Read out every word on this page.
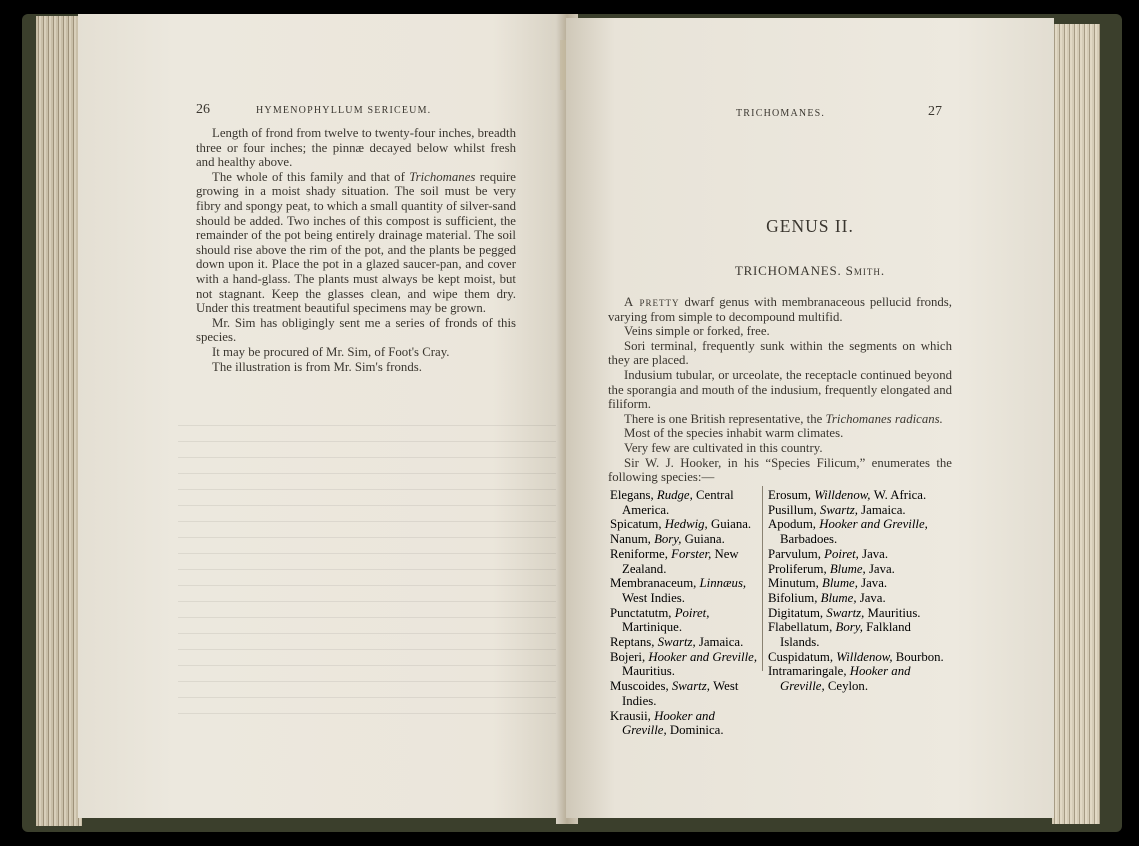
26	HYMENOPHYLLUM SERICEUM.

Length of frond from twelve to twenty-four inches, breadth three or four inches; the pinnæ decayed below whilst fresh and healthy above.

The whole of this family and that of Trichomanes require growing in a moist shady situation. The soil must be very fibry and spongy peat, to which a small quantity of silver-sand should be added. Two inches of this compost is sufficient, the remainder of the pot being entirely drainage material. The soil should rise above the rim of the pot, and the plants be pegged down upon it. Place the pot in a glazed saucer-pan, and cover with a hand-glass. The plants must always be kept moist, but not stagnant. Keep the glasses clean, and wipe them dry. Under this treatment beautiful specimens may be grown.

Mr. Sim has obligingly sent me a series of fronds of this species.

It may be procured of Mr. Sim, of Foot's Cray.

The illustration is from Mr. Sim's fronds.

TRICHOMANES.	27
GENUS II.
TRICHOMANES. Smith.

A pretty dwarf genus with membranaceous pellucid fronds, varying from simple to decompound multifid.

Veins simple or forked, free.

Sori terminal, frequently sunk within the segments on which they are placed.

Indusium tubular, or urceolate, the receptacle continued beyond the sporangia and mouth of the indusium, frequently elongated and filiform.

There is one British representative, the Trichomanes radicans.

Most of the species inhabit warm climates.

Very few are cultivated in this country.

Sir W. J. Hooker, in his “Species Filicum,” enumerates the following species:—

Elegans, Rudge, Central America.
Spicatum, Hedwig, Guiana.
Nanum, Bory, Guiana.
Reniforme, Forster, New Zealand.
Membranaceum, Linnæus, West Indies.
Punctatutm, Poiret, Martinique.
Reptans, Swartz, Jamaica.
Bojeri, Hooker and Greville, Mauritius.
Muscoides, Swartz, West Indies.
Krausii, Hooker and Greville, Dominica.
Erosum, Willdenow, W. Africa.
Pusillum, Swartz, Jamaica.
Apodum, Hooker and Greville, Barbadoes.
Parvulum, Poiret, Java.
Proliferum, Blume, Java.
Minutum, Blume, Java.
Bifolium, Blume, Java.
Digitatum, Swartz, Mauritius.
Flabellatum, Bory, Falkland Islands.
Cuspidatum, Willdenow, Bourbon.
Intramaringale, Hooker and Greville, Ceylon.
